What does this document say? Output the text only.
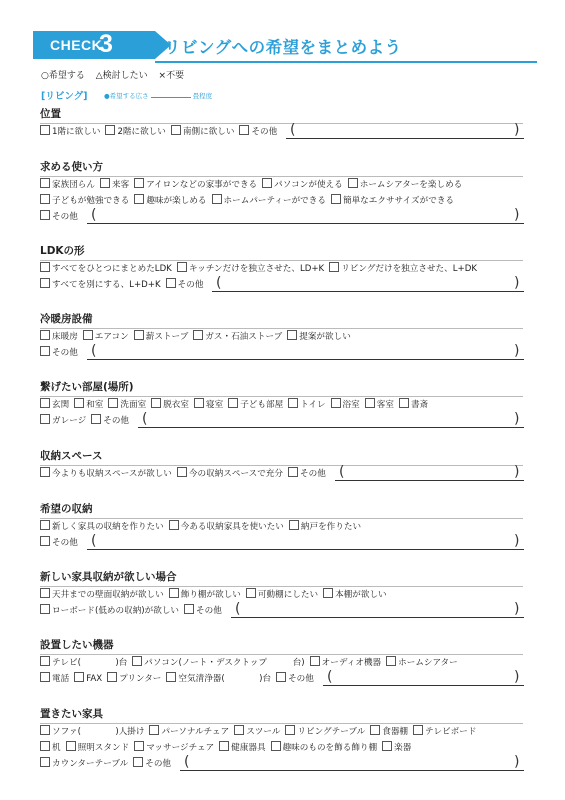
CHECK
3	リビングへの希望をまとめよう
○希望する △検討したい ×不要
[リビング]	●希望する広さ	畳程度
位置
1階に欲しい 2階に欲しい 南側に欲しい その他 (	)
求める使い方
家族団らん 来客 アイロンなどの家事ができる パソコンが使える ホームシアターを楽しめる
子どもが勉強できる 趣味が楽しめる ホームパーティーができる 簡単なエクササイズができる
その他 (	)
LDKの形
すべてをひとつにまとめたLDK キッチンだけを独立させた、LD+K リビングだけを独立させた、L+DK
すべてを別にする、L+D+K その他 (	)
冷暖房設備
床暖房 エアコン 薪ストーブ ガス・石油ストーブ 提案が欲しい
その他 (	)
繋げたい部屋(場所)
玄関 和室 洗面室 脱衣室 寝室 子ども部屋 トイレ 浴室 客室 書斎
ガレージ その他 (	)
収納スペース
今よりも収納スペースが欲しい 今の収納スペースで充分 その他 (	)
希望の収納
新しく家具の収納を作りたい 今ある収納家具を使いたい 納戸を作りたい
その他 (	)
新しい家具収納が欲しい場合
天井までの壁面収納が欲しい 飾り棚が欲しい 可動棚にしたい 本棚が欲しい
ローボード(低めの収納)が欲しい その他 (	)
設置したい機器
テレビ(　　　　)台 パソコン(ノート・デスクトップ　　　台) オーディオ機器 ホームシアター
電話 FAX プリンター 空気清浄器(　　　　)台 その他 (	)
置きたい家具
ソファ(　　　　)人掛け パーソナルチェア スツール リビングテーブル 食器棚 テレビボード
机 照明スタンド マッサージチェア 健康器具 趣味のものを飾る飾り棚 楽器
カウンターテーブル その他 (	)
